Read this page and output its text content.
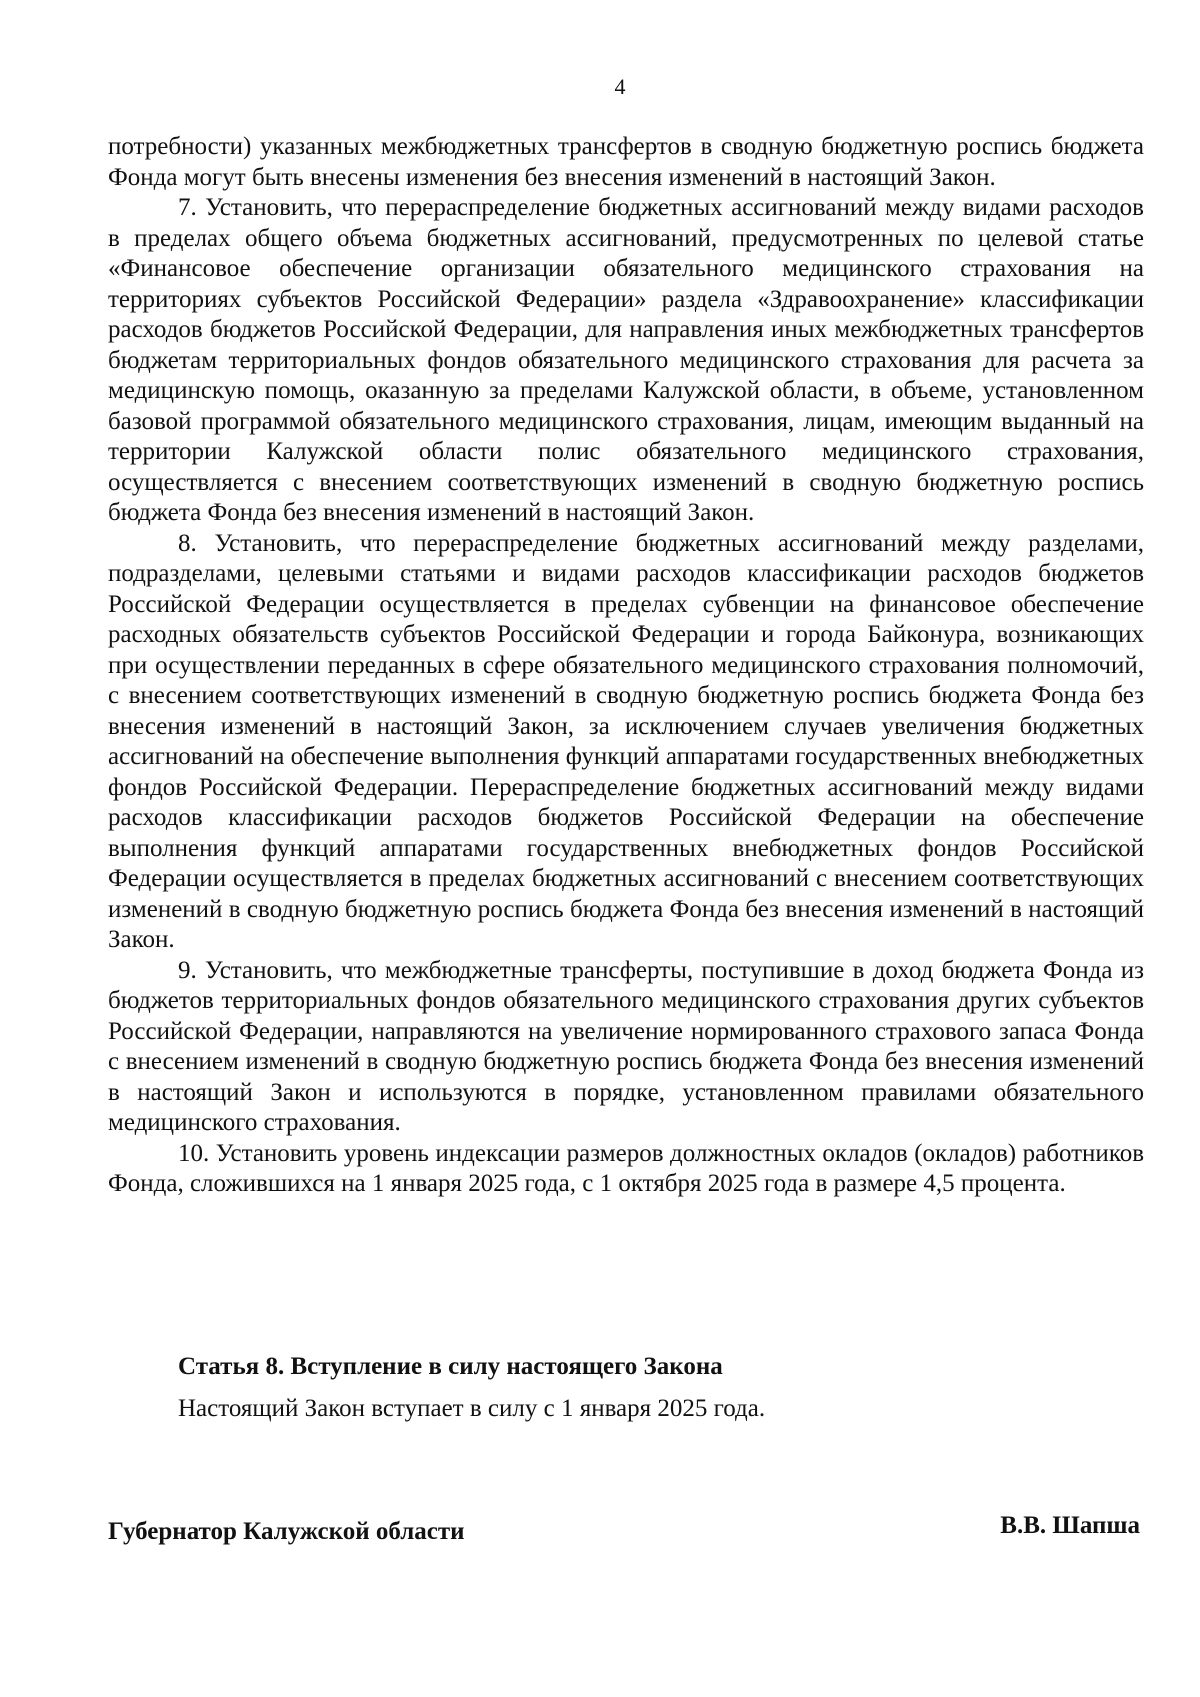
4

потребности) указанных межбюджетных трансфертов в сводную бюджетную роспись бюджета Фонда могут быть внесены изменения без внесения изменений в настоящий Закон.

7. Установить, что перераспределение бюджетных ассигнований между видами расходов в пределах общего объема бюджетных ассигнований, предусмотренных по целевой статье «Финансовое обеспечение организации обязательного медицинского страхования на территориях субъектов Российской Федерации» раздела «Здравоохранение» классификации расходов бюджетов Российской Федерации, для направления иных межбюджетных трансфертов бюджетам территориальных фондов обязательного медицинского страхования для расчета за медицинскую помощь, оказанную за пределами Калужской области, в объеме, установленном базовой программой обязательного медицинского страхования, лицам, имеющим выданный на территории Калужской области полис обязательного медицинского страхования, осуществляется с внесением соответствующих изменений в сводную бюджетную роспись бюджета Фонда без внесения изменений в настоящий Закон.

8. Установить, что перераспределение бюджетных ассигнований между разделами, подразделами, целевыми статьями и видами расходов классификации расходов бюджетов Российской Федерации осуществляется в пределах субвенции на финансовое обеспечение расходных обязательств субъектов Российской Федерации и города Байконура, возникающих при осуществлении переданных в сфере обязательного медицинского страхования полномочий, с внесением соответствующих изменений в сводную бюджетную роспись бюджета Фонда без внесения изменений в настоящий Закон, за исключением случаев увеличения бюджетных ассигнований на обеспечение выполнения функций аппаратами государственных внебюджетных фондов Российской Федерации. Перераспределение бюджетных ассигнований между видами расходов классификации расходов бюджетов Российской Федерации на обеспечение выполнения функций аппаратами государственных внебюджетных фондов Российской Федерации осуществляется в пределах бюджетных ассигнований с внесением соответствующих изменений в сводную бюджетную роспись бюджета Фонда без внесения изменений в настоящий Закон.

9. Установить, что межбюджетные трансферты, поступившие в доход бюджета Фонда из бюджетов территориальных фондов обязательного медицинского страхования других субъектов Российской Федерации, направляются на увеличение нормированного страхового запаса Фонда с внесением изменений в сводную бюджетную роспись бюджета Фонда без внесения изменений в настоящий Закон и используются в порядке, установленном правилами обязательного медицинского страхования.

10. Установить уровень индексации размеров должностных окладов (окладов) работников Фонда, сложившихся на 1 января 2025 года, с 1 октября 2025 года в размере 4,5 процента.

Статья 8. Вступление в силу настоящего Закона
Настоящий Закон вступает в силу с 1 января 2025 года.
Губернатор Калужской области	В.В. Шапша
